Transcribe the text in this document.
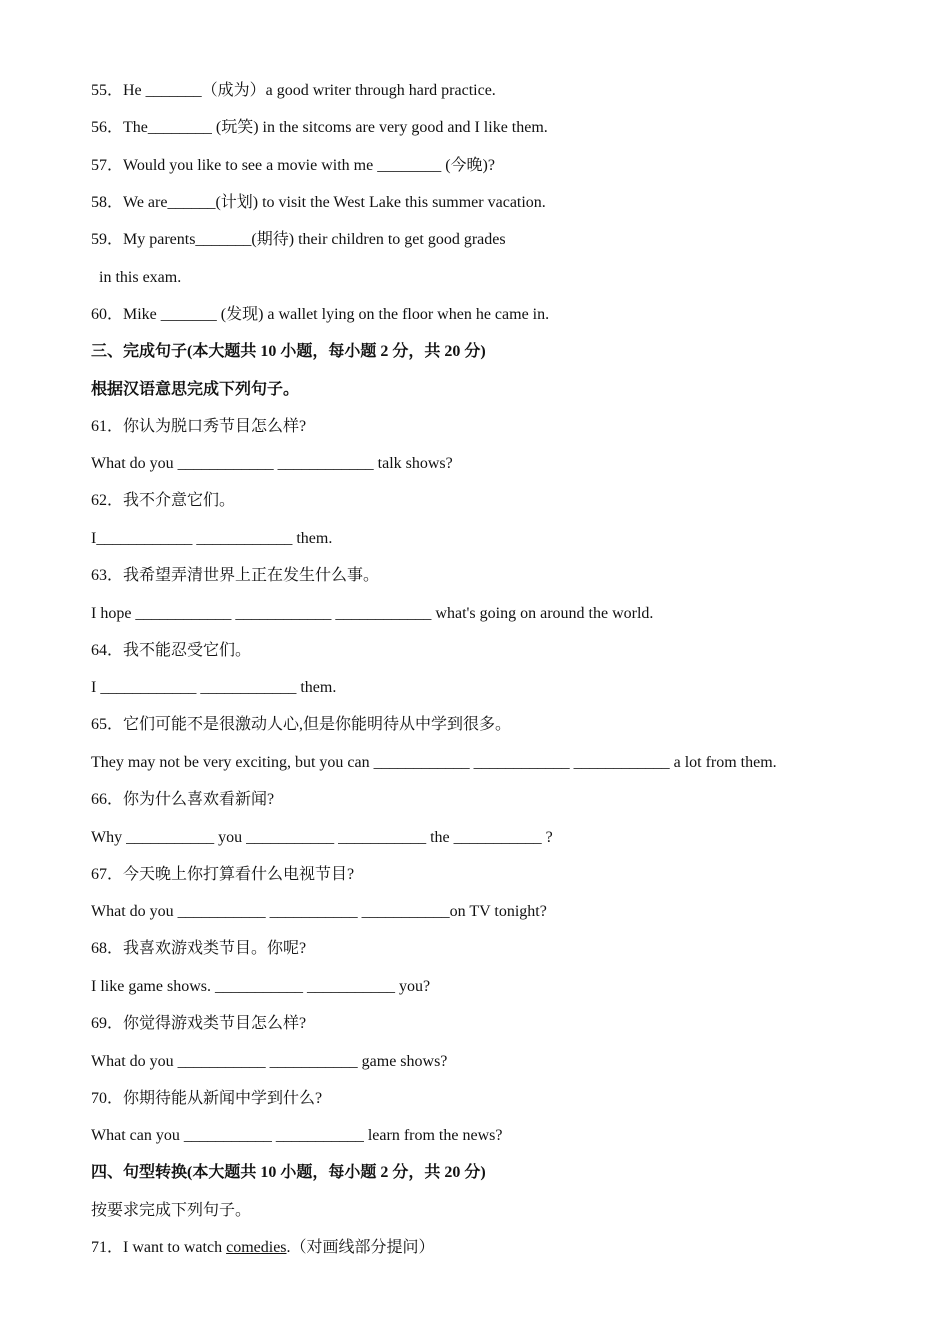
55．He _______（成为）a good writer through hard practice.
56．The________ (玩笑) in the sitcoms are very good and I like them.
57．Would you like to see a movie with me ________ (今晚)?
58．We are______(计划) to visit the West Lake this summer vacation.
59．My parents_______(期待) their children to get good grades
in this exam.
60．Mike _______ (发现) a wallet lying on the floor when he came in.
三、完成句子(本大题共 10 小题，每小题 2 分，共 20 分)
根据汉语意思完成下列句子。
61．你认为脱口秀节目怎么样?
What do you ____________ ____________ talk shows?
62．我不介意它们。
I____________ ____________ them.
63．我希望弄清世界上正在发生什么事。
I hope ____________ ____________ ____________ what's going on around the world.
64．我不能忍受它们。
I ____________ ____________ them.
65．它们可能不是很激动人心,但是你能明待从中学到很多。
They may not be very exciting, but you can ____________ ____________ ____________ a lot from them.
66．你为什么喜欢看新闻?
Why ___________ you ___________ ___________ the ___________ ?
67．今天晚上你打算看什么电视节目?
What do you ___________ ___________ ___________on TV tonight?
68．我喜欢游戏类节目。你呢?
I like game shows. ___________ ___________ you?
69．你觉得游戏类节目怎么样?
What do you ___________ ___________ game shows?
70．你期待能从新闻中学到什么?
What can you ___________ ___________ learn from the news?
四、句型转换(本大题共 10 小题，每小题 2 分，共 20 分)
按要求完成下列句子。
71．I want to watch comedies.（对画线部分提问）
